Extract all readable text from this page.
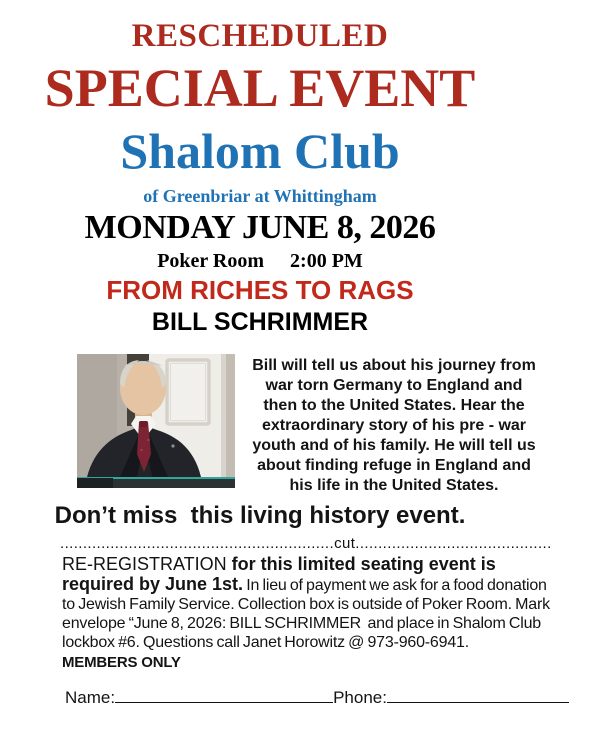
RESCHEDULED
SPECIAL EVENT
Shalom Club
of Greenbriar at Whittingham
MONDAY JUNE 8, 2026
Poker Room 2:00 PM
FROM RICHES TO RAGS
BILL SCHRIMMER
Bill will tell us about his journey from war torn Germany to England and then to the United States. Hear the extraordinary story of his pre - war youth and of his family. He will tell us about finding refuge in England and his life in the United States.
Don’t miss  this living history event.
............................................................cut...........................................

RE-REGISTRATION for this limited seating event is required by June 1st. In lieu of payment we ask for a food donation to Jewish Family Service. Collection box is outside of Poker Room. Mark envelope “June 8, 2026: BILL SCHRIMMER  and place in Shalom Club lockbox #6. Questions call Janet Horowitz @ 973-960-6941.

MEMBERS ONLY
Name:	Phone:
